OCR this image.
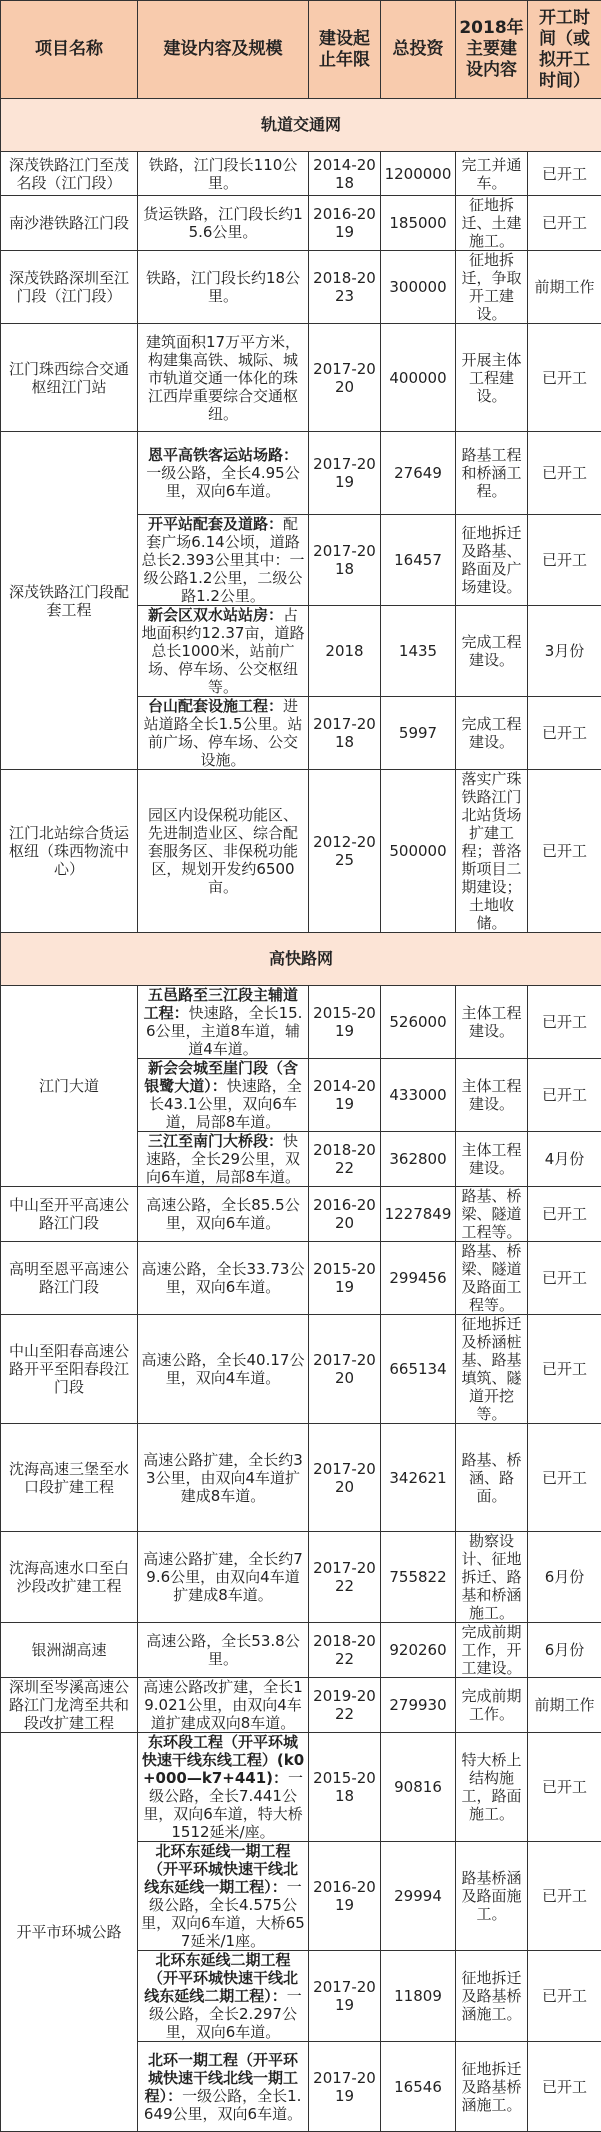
项目名称	建设内容及规模	建设起止年限	总投资	2018年主要建设内容	开工时间（或拟开工时间）
轨道交通网					
深茂铁路江门至茂名段（江门段）	铁路，江门段长110公里。	2014-2018	1200000	完工并通车。	已开工
南沙港铁路江门段	货运铁路，江门段长约15.6公里。	2016-2019	185000	征地拆迁、土建施工。	已开工
深茂铁路深圳至江门段（江门段）	铁路，江门段长约18公里。	2018-2023	300000	征地拆迁，争取开工建设。	前期工作
江门珠西综合交通枢纽江门站	建筑面积17万平方米，构建集高铁、城际、城市轨道交通一体化的珠江西岸重要综合交通枢纽。	2017-2020	400000	开展主体工程建设。	已开工
深茂铁路江门段配套工程	恩平高铁客运站场路：一级公路，全长4.95公里，双向6车道。	2017-2019	27649	路基工程和桥涵工程。	已开工
	开平站配套及道路：配套广场6.14公顷，道路总长2.393公里其中：一级公路1.2公里，二级公路1.2公里。	2017-2018	16457	征地拆迁及路基、路面及广场建设。	已开工
	新会区双水站站房：占地面积约12.37亩，道路总长1000米，站前广场、停车场、公交枢纽等。	2018	1435	完成工程建设。	3月份
	台山配套设施工程：进站道路全长1.5公里。站前广场、停车场、公交设施。	2017-2018	5997	完成工程建设。	已开工
江门北站综合货运枢纽（珠西物流中心）	园区内设保税功能区、先进制造业区、综合配套服务区、非保税功能区，规划开发约6500亩。	2012-2025	500000	落实广珠铁路江门北站货场扩建工程；普洛斯项目二期建设；土地收储。	已开工
高快路网					
江门大道	五邑路至三江段主辅道工程：快速路，全长15.6公里，主道8车道，辅道4车道。	2015-2019	526000	主体工程建设。	已开工
	新会会城至崖门段（含银鹭大道）：快速路，全长43.1公里，双向6车道，局部8车道。	2014-2019	433000	主体工程建设。	已开工
	三江至南门大桥段：快速路，全长29公里，双向6车道，局部8车道。	2018-2022	362800	主体工程建设。	4月份
中山至开平高速公路江门段	高速公路，全长85.5公里，双向6车道。	2016-2020	1227849	路基、桥梁、隧道工程等。	已开工
高明至恩平高速公路江门段	高速公路，全长33.73公里，双向6车道。	2015-2019	299456	路基、桥梁、隧道及路面工程等。	已开工
中山至阳春高速公路开平至阳春段江门段	高速公路，全长40.17公里，双向4车道。	2017-2020	665134	征地拆迁及桥涵桩基、路基填筑、隧道开挖等。	已开工
沈海高速三堡至水口段扩建工程	高速公路扩建，全长约33公里，由双向4车道扩建成8车道。	2017-2020	342621	路基、桥涵、路面。	已开工
沈海高速水口至白沙段改扩建工程	高速公路扩建，全长约79.6公里，由双向4车道扩建成8车道。	2017-2022	755822	勘察设计、征地拆迁、路基和桥涵施工。	6月份
银洲湖高速	高速公路，全长53.8公里。	2018-2022	920260	完成前期工作，开工建设。	6月份
深圳至岑溪高速公路江门龙湾至共和段改扩建工程	高速公路改扩建，全长19.021公里，由双向4车道扩建成双向8车道。	2019-2022	279930	完成前期工作。	前期工作
开平市环城公路	东环段工程（开平环城快速干线东线工程）(k0+000—k7+441)：一级公路，全长7.441公里，双向6车道，特大桥1512延米/座。	2015-2018	90816	特大桥上结构施工，路面施工。	已开工
	北环东延线一期工程（开平环城快速干线北线东延线一期工程）：一级公路，全长4.575公里，双向6车道，大桥657延米/1座。	2016-2019	29994	路基桥涵及路面施工。	已开工
	北环东延线二期工程（开平环城快速干线北线东延线二期工程）：一级公路，全长2.297公里，双向6车道。	2017-2019	11809	征地拆迁及路基桥涵施工。	已开工
	北环一期工程（开平环城快速干线北线一期工程）：一级公路，全长1.649公里，双向6车道。	2017-2019	16546	征地拆迁及路基桥涵施工。	已开工
